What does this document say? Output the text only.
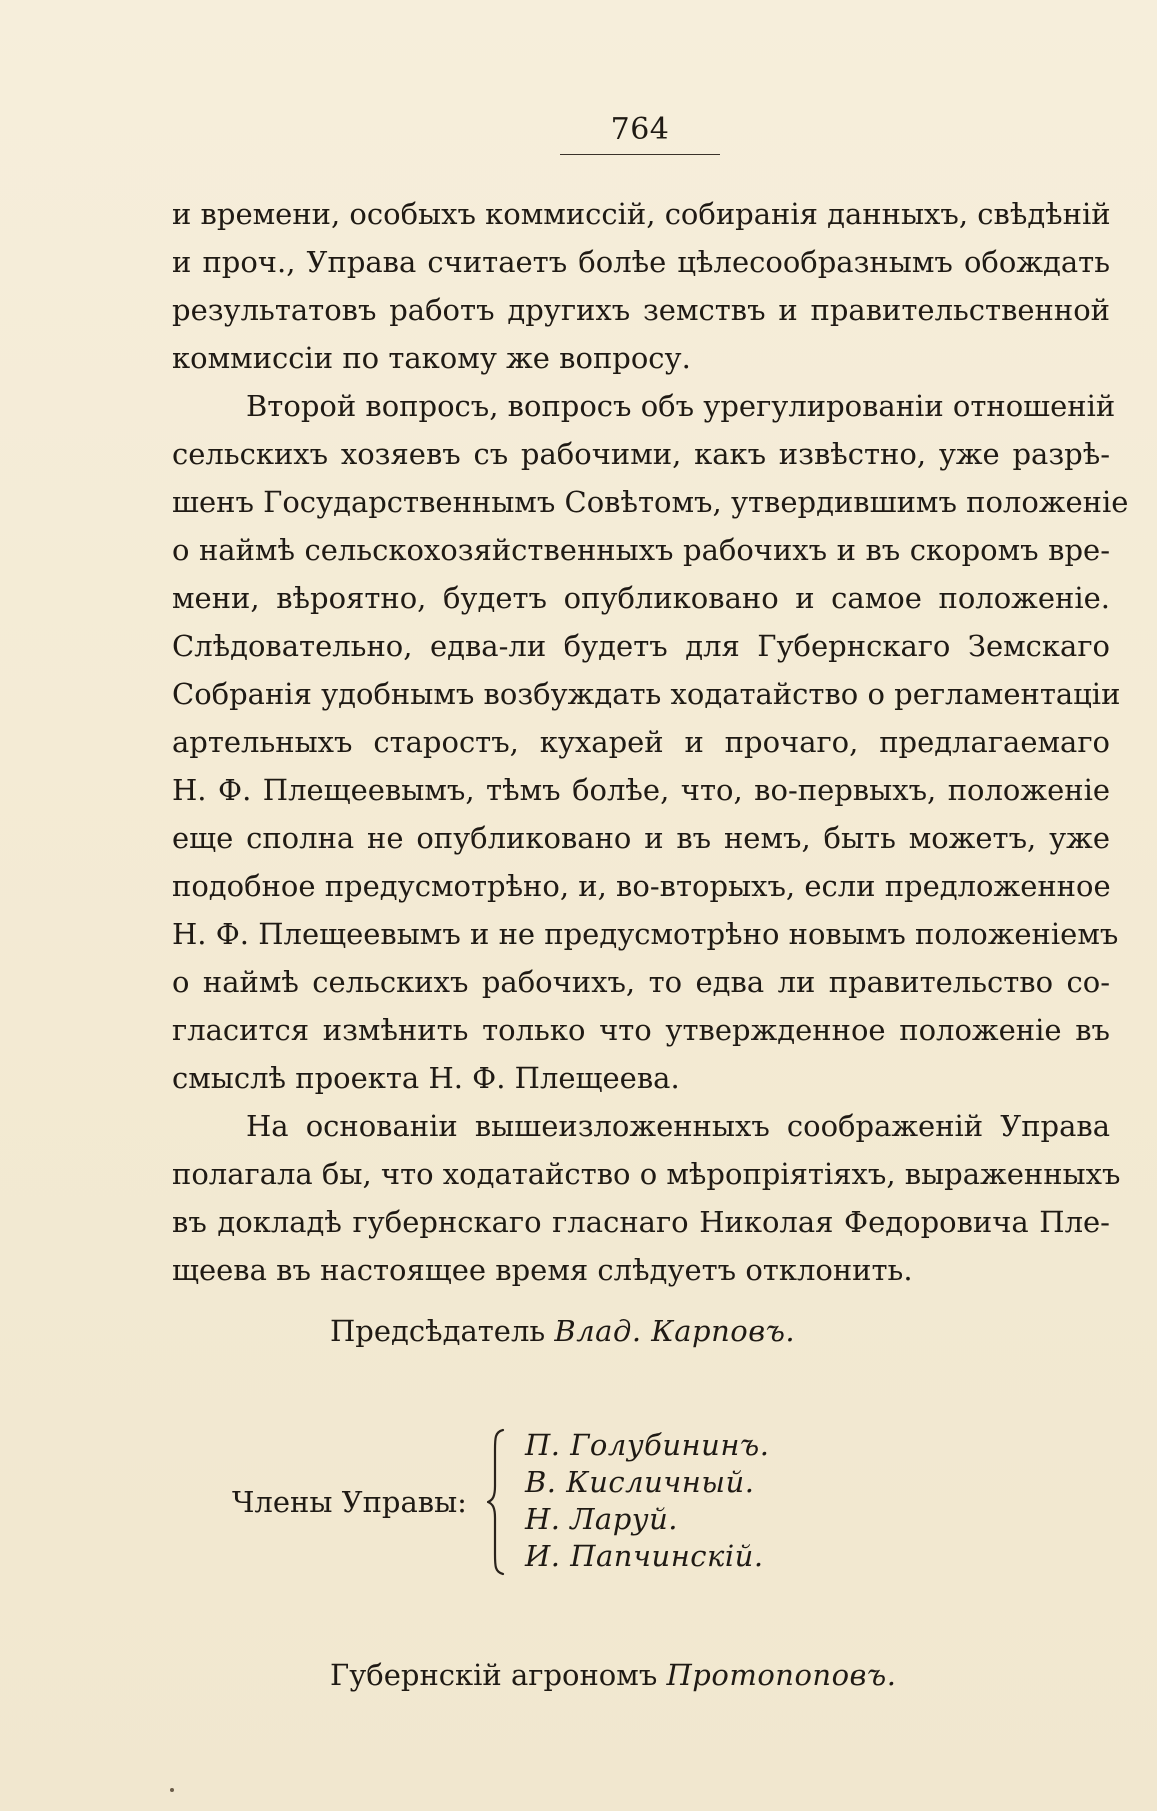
764

и времени, особыхъ коммиссій, собиранія данныхъ, свѣдѣній
и проч., Управа считаетъ болѣе цѣлесообразнымъ обождать
результатовъ работъ другихъ земствъ и правительственной
коммиссіи по такому же вопросу.

Второй вопросъ, вопросъ объ урегулированіи отношеній
сельскихъ хозяевъ съ рабочими, какъ извѣстно, уже разрѣ-
шенъ Государственнымъ Совѣтомъ, утвердившимъ положеніе
о наймѣ сельскохозяйственныхъ рабочихъ и въ скоромъ вре-
мени, вѣроятно, будетъ опубликовано и самое положеніе.
Слѣдовательно, едва-ли будетъ для Губернскаго Земскаго
Собранія удобнымъ возбуждать ходатайство о регламентаціи
артельныхъ старостъ, кухарей и прочаго, предлагаемаго
Н. Ф. Плещеевымъ, тѣмъ болѣе, что, во-первыхъ, положеніе
еще сполна не опубликовано и въ немъ, быть можетъ, уже
подобное предусмотрѣно, и, во-вторыхъ, если предложенное
Н. Ф. Плещеевымъ и не предусмотрѣно новымъ положеніемъ
о наймѣ сельскихъ рабочихъ, то едва ли правительство со-
гласится измѣнить только что утвержденное положеніе въ
смыслѣ проекта Н. Ф. Плещеева.

На основаніи вышеизложенныхъ соображеній Управа
полагала бы, что ходатайство о мѣропріятіяхъ, выраженныхъ
въ докладѣ губернскаго гласнаго Николая Федоровича Пле-
щеева въ настоящее время слѣдуетъ отклонить.

Предсѣдатель Влад. Карповъ.
Члены Управы:
П. Голубининъ.
В. Кисличный.
Н. Ларуй.
И. Папчинскій.
Губернскій агрономъ Протопоповъ.
